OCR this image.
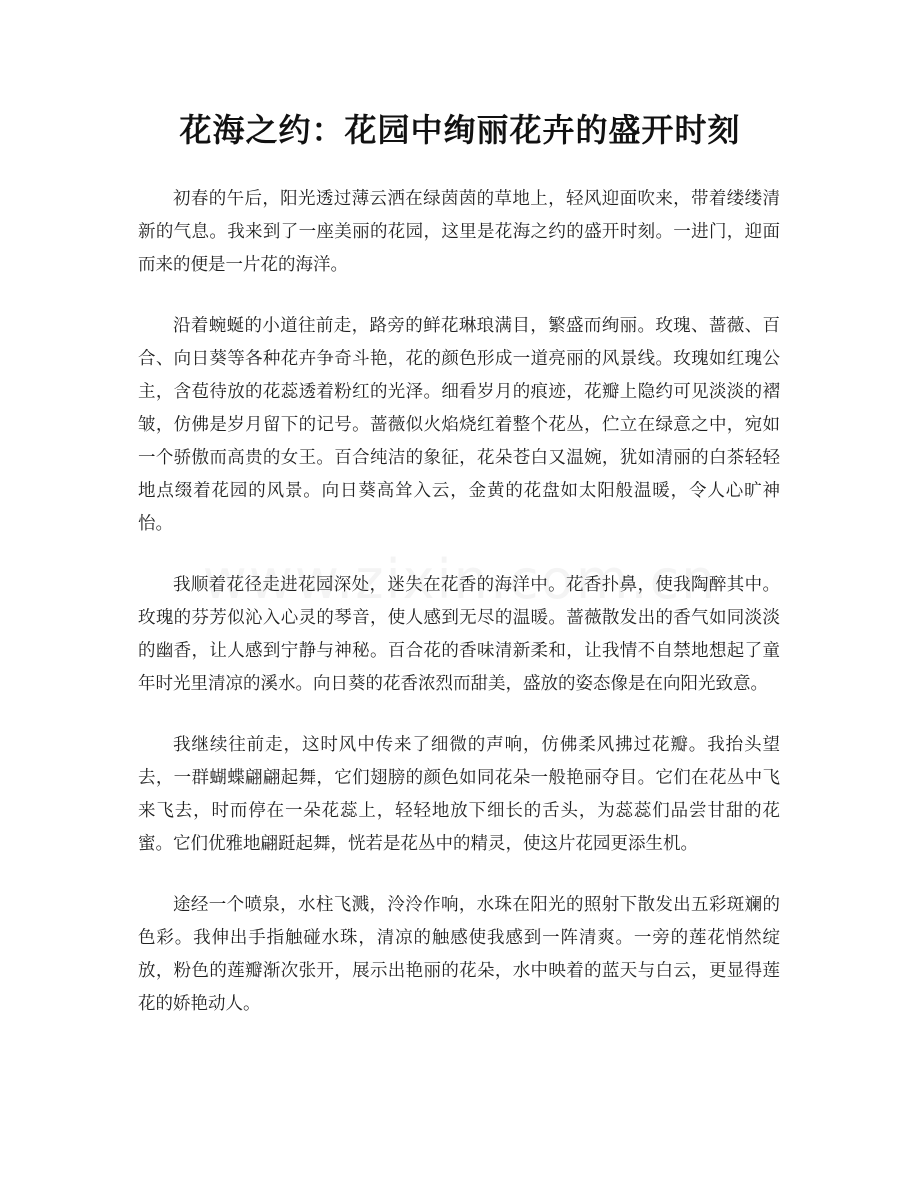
花海之约：花园中绚丽花卉的盛开时刻

初春的午后，阳光透过薄云洒在绿茵茵的草地上，轻风迎面吹来，带着缕缕清新的气息。我来到了一座美丽的花园，这里是花海之约的盛开时刻。一进门，迎面而来的便是一片花的海洋。

沿着蜿蜒的小道往前走，路旁的鲜花琳琅满目，繁盛而绚丽。玫瑰、蔷薇、百合、向日葵等各种花卉争奇斗艳，花的颜色形成一道亮丽的风景线。玫瑰如红瑰公主，含苞待放的花蕊透着粉红的光泽。细看岁月的痕迹，花瓣上隐约可见淡淡的褶皱，仿佛是岁月留下的记号。蔷薇似火焰烧红着整个花丛，伫立在绿意之中，宛如一个骄傲而高贵的女王。百合纯洁的象征，花朵苍白又温婉，犹如清丽的白茶轻轻地点缀着花园的风景。向日葵高耸入云，金黄的花盘如太阳般温暖，令人心旷神怡。

我顺着花径走进花园深处，迷失在花香的海洋中。花香扑鼻，使我陶醉其中。玫瑰的芬芳似沁入心灵的琴音，使人感到无尽的温暖。蔷薇散发出的香气如同淡淡的幽香，让人感到宁静与神秘。百合花的香味清新柔和，让我情不自禁地想起了童年时光里清凉的溪水。向日葵的花香浓烈而甜美，盛放的姿态像是在向阳光致意。

我继续往前走，这时风中传来了细微的声响，仿佛柔风拂过花瓣。我抬头望去，一群蝴蝶翩翩起舞，它们翅膀的颜色如同花朵一般艳丽夺目。它们在花丛中飞来飞去，时而停在一朵花蕊上，轻轻地放下细长的舌头，为蕊蕊们品尝甘甜的花蜜。它们优雅地翩跹起舞，恍若是花丛中的精灵，使这片花园更添生机。

途经一个喷泉，水柱飞溅，泠泠作响，水珠在阳光的照射下散发出五彩斑斓的色彩。我伸出手指触碰水珠，清凉的触感使我感到一阵清爽。一旁的莲花悄然绽放，粉色的莲瓣渐次张开，展示出艳丽的花朵，水中映着的蓝天与白云，更显得莲花的娇艳动人。
